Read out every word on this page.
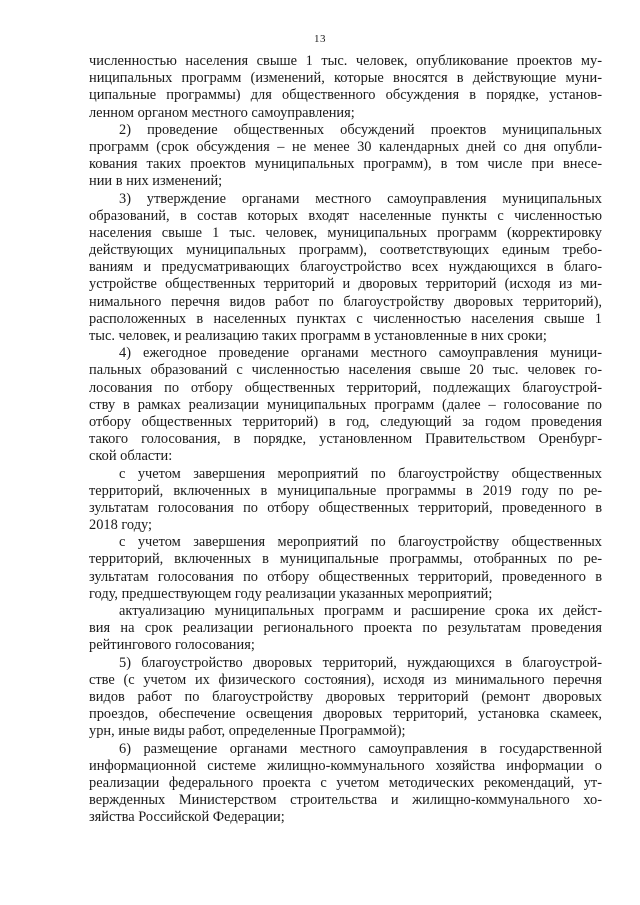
13
численностью населения свыше 1 тыс. человек, опубликование проектов му-
ниципальных программ (изменений, которые вносятся в действующие муни-
ципальные программы) для общественного обсуждения в порядке, установ-
ленном органом местного самоуправления;
2) проведение общественных обсуждений проектов муниципальных
программ (срок обсуждения – не менее 30 календарных дней со дня опубли-
кования таких проектов муниципальных программ), в том числе при внесе-
нии в них изменений;
3) утверждение органами местного самоуправления муниципальных
образований, в состав которых входят населенные пункты с численностью
населения свыше 1 тыс. человек, муниципальных программ (корректировку
действующих муниципальных программ), соответствующих единым требо-
ваниям и предусматривающих благоустройство всех нуждающихся в благо-
устройстве общественных территорий и дворовых территорий (исходя из ми-
нимального перечня видов работ по благоустройству дворовых территорий),
расположенных в населенных пунктах с численностью населения свыше 1
тыс. человек, и реализацию таких программ в установленные в них сроки;
4) ежегодное проведение органами местного самоуправления муници-
пальных образований с численностью населения свыше 20 тыс. человек го-
лосования по отбору общественных территорий, подлежащих благоустрой-
ству в рамках реализации муниципальных программ (далее – голосование по
отбору общественных территорий) в год, следующий за годом проведения
такого голосования, в порядке, установленном Правительством Оренбург-
ской области:
с учетом завершения мероприятий по благоустройству общественных
территорий, включенных в муниципальные программы в 2019 году по ре-
зультатам голосования по отбору общественных территорий, проведенного в
2018 году;
с учетом завершения мероприятий по благоустройству общественных
территорий, включенных в муниципальные программы, отобранных по ре-
зультатам голосования по отбору общественных территорий, проведенного в
году, предшествующем году реализации указанных мероприятий;
актуализацию муниципальных программ и расширение срока их дейст-
вия на срок реализации регионального проекта по результатам проведения
рейтингового голосования;
5) благоустройство дворовых территорий, нуждающихся в благоустрой-
стве (с учетом их физического состояния), исходя из минимального перечня
видов работ по благоустройству дворовых территорий (ремонт дворовых
проездов, обеспечение освещения дворовых территорий, установка скамеек,
урн, иные виды работ, определенные Программой);
6) размещение органами местного самоуправления в государственной
информационной системе жилищно-коммунального хозяйства информации о
реализации федерального проекта с учетом методических рекомендаций, ут-
вержденных Министерством строительства и жилищно-коммунального хо-
зяйства Российской Федерации;
